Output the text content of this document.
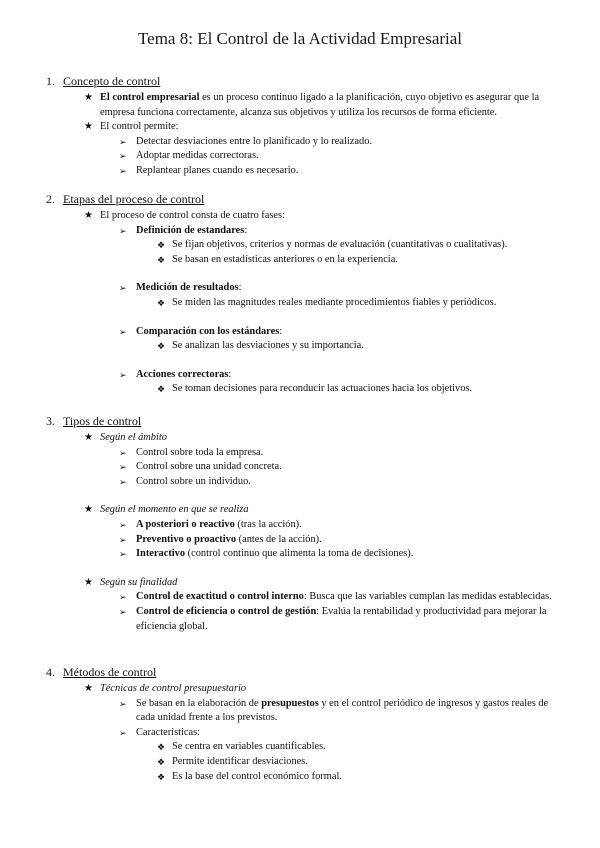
Tema 8: El Control de la Actividad Empresarial
1. Concepto de control
★ El control empresarial es un proceso continuo ligado a la planificación, cuyo objetivo es asegurar que la empresa funciona correctamente, alcanza sus objetivos y utiliza los recursos de forma eficiente.
★ El control permite:
➢ Detectar desviaciones entre lo planificado y lo realizado.
➢ Adoptar medidas correctoras.
➢ Replantear planes cuando es necesario.
2. Etapas del proceso de control
★ El proceso de control consta de cuatro fases:
➢ Definición de estandares:
❖ Se fijan objetivos, criterios y normas de evaluación (cuantitativas o cualitativas).
❖ Se basan en estadísticas anteriores o en la experiencia.
➢ Medición de resultados:
❖ Se miden las magnitudes reales mediante procedimientos fiables y periódicos.
➢ Comparación con los estándares:
❖ Se analizan las desviaciones y su importancia.
➢ Acciones correctoras:
❖ Se toman decisiones para reconducir las actuaciones hacia los objetivos.
3. Tipos de control
★ Según el ámbito
➢ Control sobre toda la empresa.
➢ Control sobre una unidad concreta.
➢ Control sobre un individuo.
★ Según el momento en que se realiza
➢ A posteriori o reactivo (tras la acción).
➢ Preventivo o proactivo (antes de la acción).
➢ Interactivo (control continuo que alimenta la toma de decisiones).
★ Según su finalidad
➢ Control de exactitud o control interno: Busca que las variables cumplan las medidas establecidas.
➢ Control de eficiencia o control de gestión: Evalúa la rentabilidad y productividad para mejorar la eficiencia global.
4. Métodos de control
★ Técnicas de control presupuestario
➢ Se basan en la elaboración de presupuestos y en el control periódico de ingresos y gastos reales de cada unidad frente a los previstos.
➢ Características:
❖ Se centra en variables cuantificables.
❖ Permite identificar desviaciones.
❖ Es la base del control económico formal.
